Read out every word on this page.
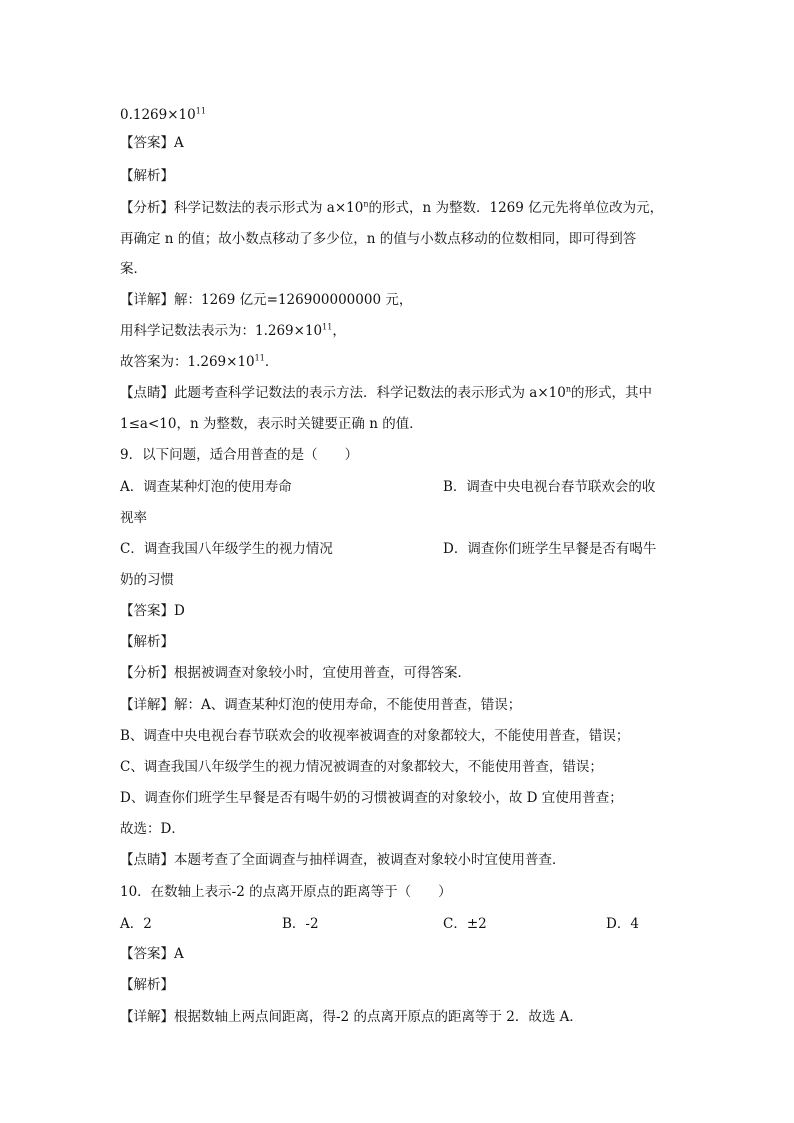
$0.1269\times 10^{11}$
【答案】A
【解析】
【分析】科学记数法的表示形式为 $a\times 10^n$的形式，n 为整数．1269 亿元先将单位改为元，
再确定 n 的值；故小数点移动了多少位，n 的值与小数点移动的位数相同，即可得到答
案．
【详解】解：1269 亿元=126900000000 元，
用科学记数法表示为：$1.269\times 10^{11}$，
故答案为：$1.269\times 10^{11}$．
【点睛】此题考查科学记数法的表示方法．科学记数法的表示形式为 $a\times 10^n$的形式，其中
1≤a<10，n 为整数，表示时关键要正确 n 的值．
9．以下问题，适合用普查的是（　　）
A．调查某种灯泡的使用寿命	B．调查中央电视台春节联欢会的收
视率
C．调查我国八年级学生的视力情况	D．调查你们班学生早餐是否有喝牛
奶的习惯
【答案】D
【解析】
【分析】根据被调查对象较小时，宜使用普查，可得答案．
【详解】解：A、调查某种灯泡的使用寿命，不能使用普查，错误；
B、调查中央电视台春节联欢会的收视率被调查的对象都较大，不能使用普查，错误；
C、调查我国八年级学生的视力情况被调查的对象都较大，不能使用普查，错误；
D、调查你们班学生早餐是否有喝牛奶的习惯被调查的对象较小，故 D 宜使用普查；
故选：D．
【点睛】本题考查了全面调查与抽样调查，被调查对象较小时宜使用普查．
10．在数轴上表示-2 的点离开原点的距离等于（　　）
A．2	B．-2	C．±2	D．4
【答案】A
【解析】
【详解】根据数轴上两点间距离，得-2 的点离开原点的距离等于 2．故选 A．
